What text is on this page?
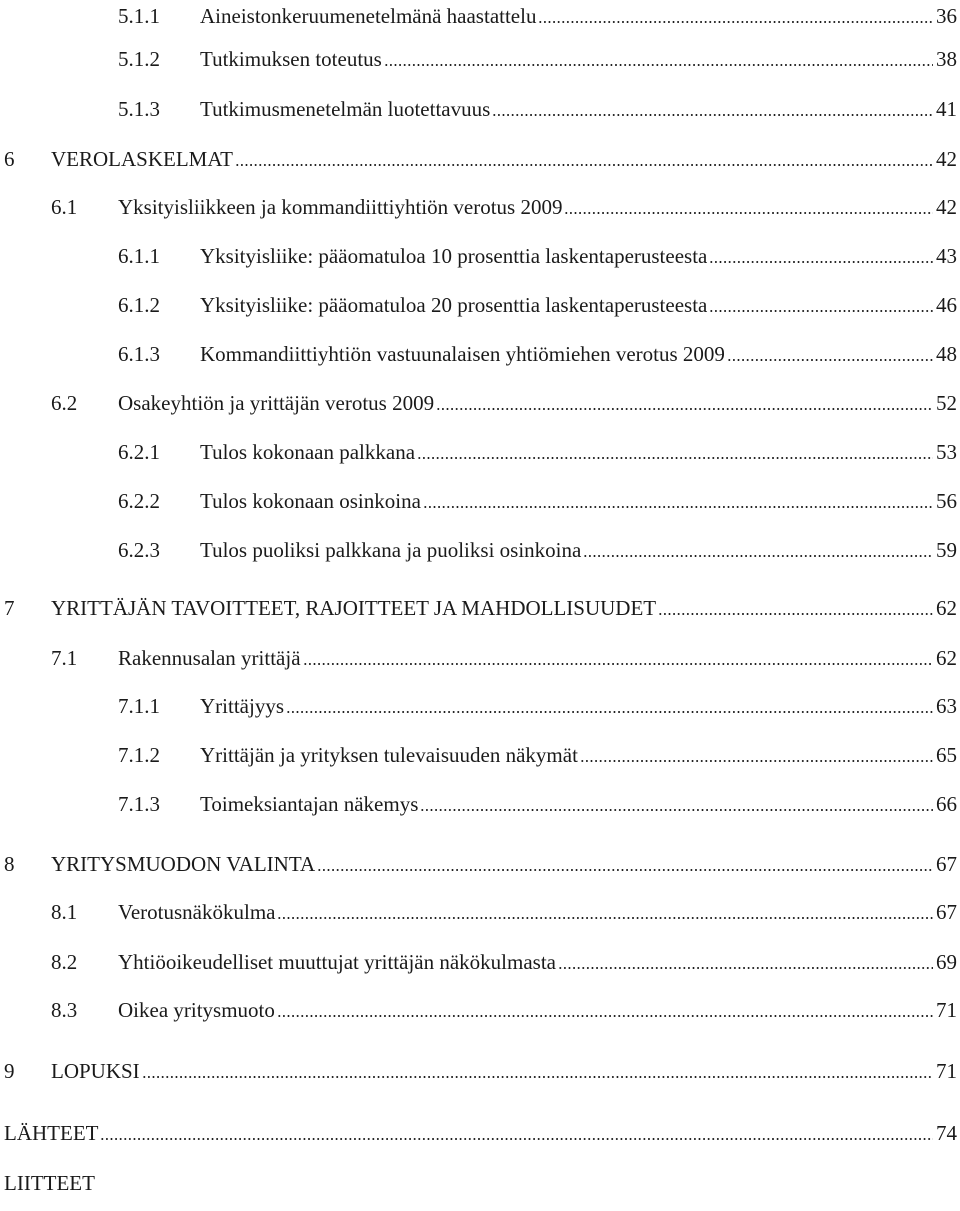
5.1.1 Aineistonkeruumenetelmänä haastattelu	36
5.1.2 Tutkimuksen toteutus	38
5.1.3 Tutkimusmenetelmän luotettavuus	41
6 VEROLASKELMAT	42
6.1 Yksityisliikkeen ja kommandiittiyhtiön verotus 2009	42
6.1.1 Yksityisliike: pääomatuloa 10 prosenttia laskentaperusteesta	43
6.1.2 Yksityisliike: pääomatuloa 20 prosenttia laskentaperusteesta	46
6.1.3 Kommandiittiyhtiön vastuunalaisen yhtiömiehen verotus 2009	48
6.2 Osakeyhtiön ja yrittäjän verotus 2009	52
6.2.1 Tulos kokonaan palkkana	53
6.2.2 Tulos kokonaan osinkoina	56
6.2.3 Tulos puoliksi palkkana ja puoliksi osinkoina	59
7 YRITTÄJÄN TAVOITTEET, RAJOITTEET JA MAHDOLLISUUDET	62
7.1 Rakennusalan yrittäjä	62
7.1.1 Yrittäjyys	63
7.1.2 Yrittäjän ja yrityksen tulevaisuuden näkymät	65
7.1.3 Toimeksiantajan näkemys	66
8 YRITYSMUODON VALINTA	67
8.1 Verotusnäkökulma	67
8.2 Yhtiöoikeudelliset muuttujat yrittäjän näkökulmasta	69
8.3 Oikea yritysmuoto	71
9 LOPUKSI	71
LÄHTEET	74
LIITTEET
